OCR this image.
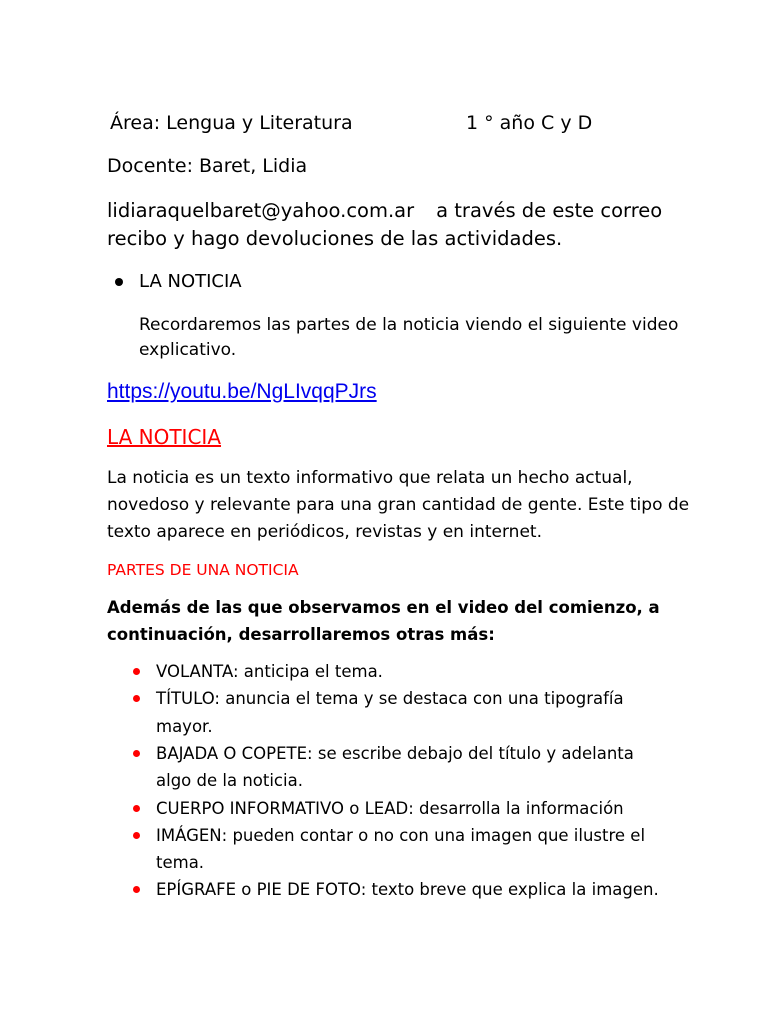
Área: Lengua y Literatura	1 ° año C y D
Docente: Baret, Lidia
lidiaraquelbaret@yahoo.com.ar a través de este correo
recibo y hago devoluciones de las actividades.
LA NOTICIA
Recordaremos las partes de la noticia viendo el siguiente video
explicativo.
https://youtu.be/NgLIvqqPJrs
LA NOTICIA
La noticia es un texto informativo que relata un hecho actual,
novedoso y relevante para una gran cantidad de gente. Este tipo de
texto aparece en periódicos, revistas y en internet.
PARTES DE UNA NOTICIA
Además de las que observamos en el video del comienzo, a
continuación, desarrollaremos otras más:
VOLANTA: anticipa el tema.
TÍTULO: anuncia el tema y se destaca con una tipografía
mayor.
BAJADA O COPETE: se escribe debajo del título y adelanta
algo de la noticia.
CUERPO INFORMATIVO o LEAD: desarrolla la información
IMÁGEN: pueden contar o no con una imagen que ilustre el
tema.
EPÍGRAFE o PIE DE FOTO: texto breve que explica la imagen.
